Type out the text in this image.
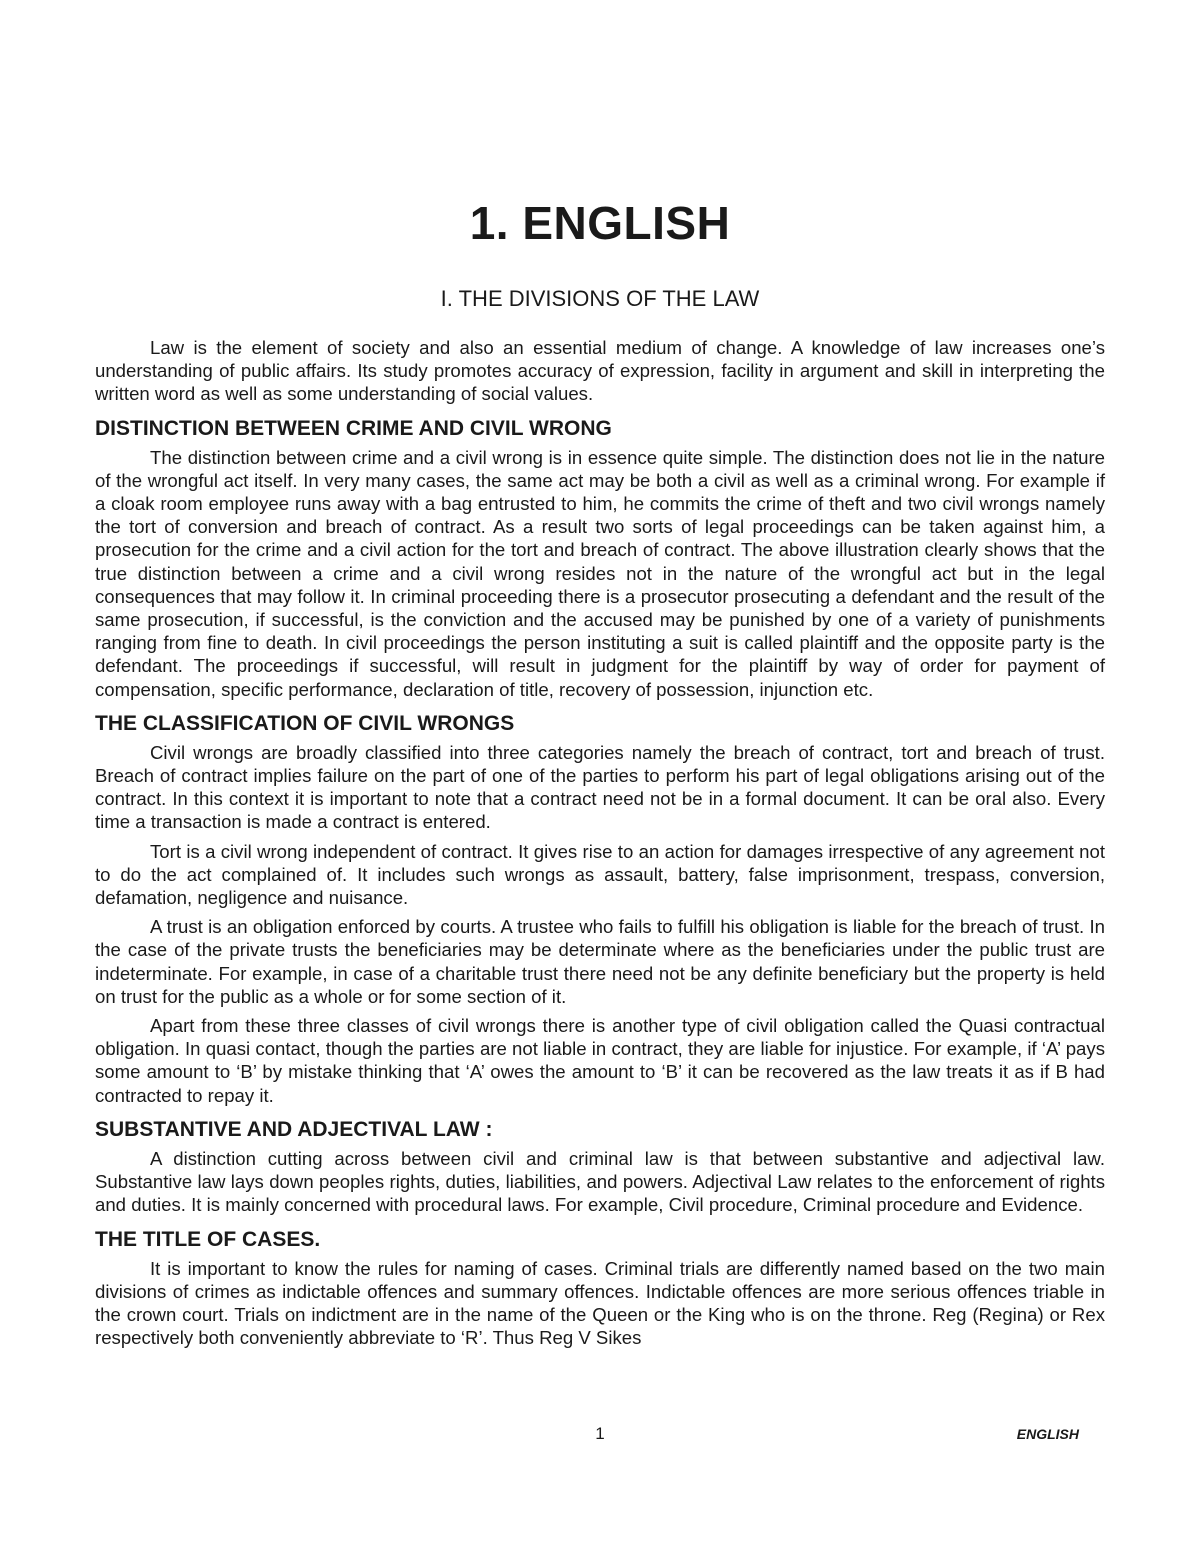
1. ENGLISH
I. THE DIVISIONS OF THE LAW

Law is the element of society and also an essential medium of change. A knowledge of law increases one’s understanding of public affairs. Its study promotes accuracy of expression, facility in argument and skill in interpreting the written word as well as some understanding of social values.

DISTINCTION BETWEEN CRIME AND CIVIL WRONG

The distinction between crime and a civil wrong is in essence quite simple. The distinction does not lie in the nature of the wrongful act itself. In very many cases, the same act may be both a civil as well as a criminal wrong. For example if a cloak room employee runs away with a bag entrusted to him, he commits the crime of theft and two civil wrongs namely the tort of conversion and breach of contract. As a result two sorts of legal proceedings can be taken against him, a prosecution for the crime and a civil action for the tort and breach of contract. The above illustration clearly shows that the true distinction between a crime and a civil wrong resides not in the nature of the wrongful act but in the legal consequences that may follow it. In criminal proceeding there is a prosecutor prosecuting a defendant and the result of the same prosecution, if successful, is the conviction and the accused may be punished by one of a variety of punishments ranging from fine to death. In civil proceedings the person instituting a suit is called plaintiff and the opposite party is the defendant. The proceedings if successful, will result in judgment for the plaintiff by way of order for payment of compensation, specific performance, declaration of title, recovery of possession, injunction etc.

THE CLASSIFICATION OF CIVIL WRONGS

Civil wrongs are broadly classified into three categories namely the breach of contract, tort and breach of trust. Breach of contract implies failure on the part of one of the parties to perform his part of legal obligations arising out of the contract. In this context it is important to note that a contract need not be in a formal document. It can be oral also. Every time a transaction is made a contract is entered.

Tort is a civil wrong independent of contract. It gives rise to an action for damages irrespective of any agreement not to do the act complained of. It includes such wrongs as assault, battery, false imprisonment, trespass, conversion, defamation, negligence and nuisance.

A trust is an obligation enforced by courts. A trustee who fails to fulfill his obligation is liable for the breach of trust. In the case of the private trusts the beneficiaries may be determinate where as the beneficiaries under the public trust are indeterminate. For example, in case of a charitable trust there need not be any definite beneficiary but the property is held on trust for the public as a whole or for some section of it.

Apart from these three classes of civil wrongs there is another type of civil obligation called the Quasi contractual obligation. In quasi contact, though the parties are not liable in contract, they are liable for injustice. For example, if ‘A’ pays some amount to ‘B’ by mistake thinking that ‘A’ owes the amount to ‘B’ it can be recovered as the law treats it as if B had contracted to repay it.

SUBSTANTIVE AND ADJECTIVAL LAW :

A distinction cutting across between civil and criminal law is that between substantive and adjectival law. Substantive law lays down peoples rights, duties, liabilities, and powers. Adjectival Law relates to the enforcement of rights and duties. It is mainly concerned with procedural laws. For example, Civil procedure, Criminal procedure and Evidence.

THE TITLE OF CASES.

It is important to know the rules for naming of cases. Criminal trials are differently named based on the two main divisions of crimes as indictable offences and summary offences. Indictable offences are more serious offences triable in the crown court. Trials on indictment are in the name of the Queen or the King who is on the throne. Reg (Regina) or Rex respectively both conveniently abbreviate to ‘R’. Thus Reg V Sikes

1	ENGLISH
